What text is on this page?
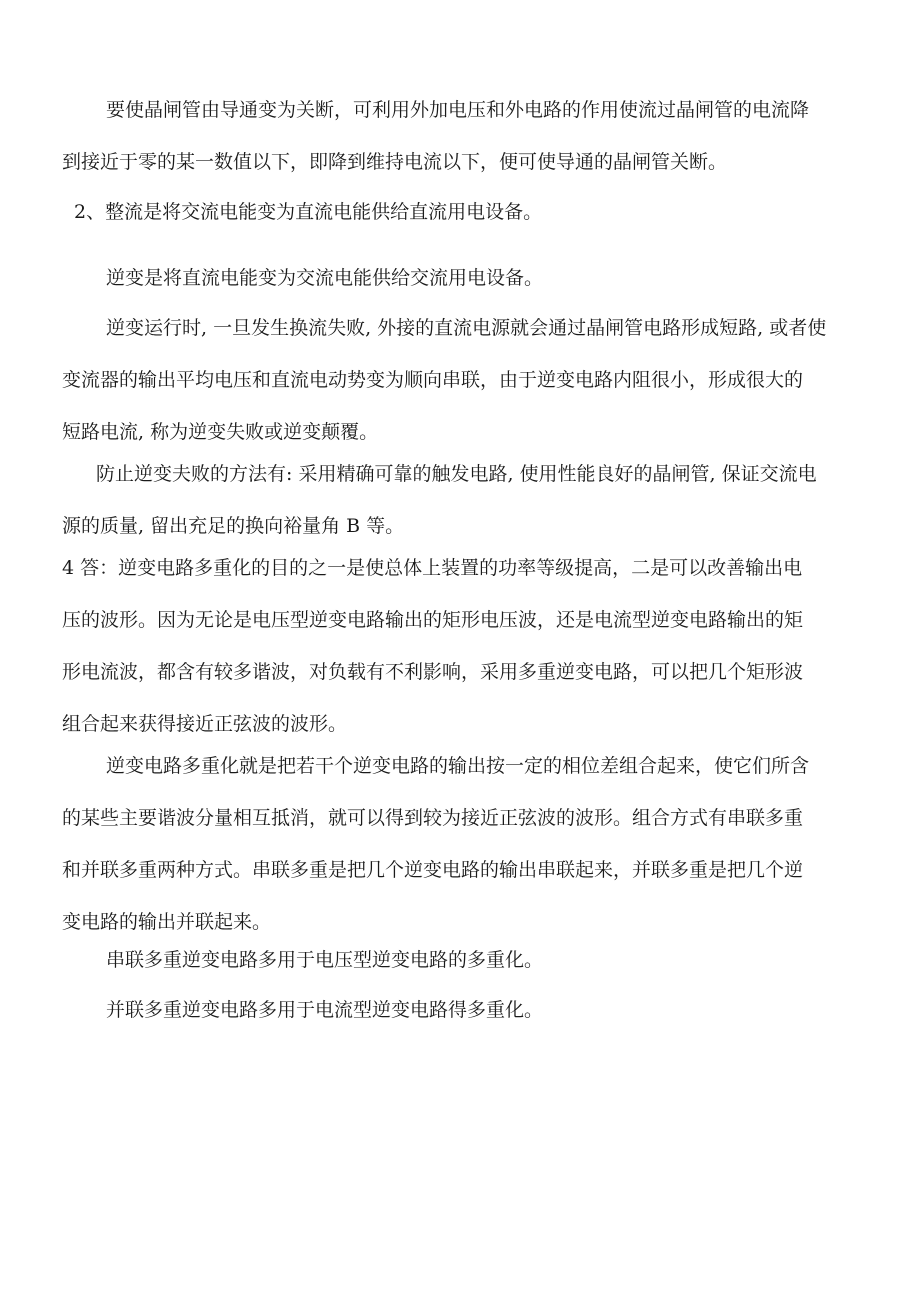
要使晶闸管由导通变为关断，可利用外加电压和外电路的作用使流过晶闸管的电流降
到接近于零的某一数值以下，即降到维持电流以下，便可使导通的晶闸管关断。

2、整流是将交流电能变为直流电能供给直流用电设备。

逆变是将直流电能变为交流电能供给交流用电设备。

逆变运行时, 一旦发生换流失败, 外接的直流电源就会通过晶闸管电路形成短路, 或者使
变流器的输出平均电压和直流电动势变为顺向串联，由于逆变电路内阻很小，形成很大的
短路电流, 称为逆变失败或逆变颠覆。

防止逆变夫败的方法有: 采用精确可靠的触发电路, 使用性能良好的晶闸管, 保证交流电
源的质量, 留出充足的换向裕量角 B 等。

4 答：逆变电路多重化的目的之一是使总体上装置的功率等级提高，二是可以改善输出电
压的波形。因为无论是电压型逆变电路输出的矩形电压波，还是电流型逆变电路输出的矩
形电流波，都含有较多谐波，对负载有不利影响，采用多重逆变电路，可以把几个矩形波
组合起来获得接近正弦波的波形。

逆变电路多重化就是把若干个逆变电路的输出按一定的相位差组合起来，使它们所含
的某些主要谐波分量相互抵消，就可以得到较为接近正弦波的波形。组合方式有串联多重
和并联多重两种方式。串联多重是把几个逆变电路的输出串联起来，并联多重是把几个逆
变电路的输出并联起来。

串联多重逆变电路多用于电压型逆变电路的多重化。

并联多重逆变电路多用于电流型逆变电路得多重化。
